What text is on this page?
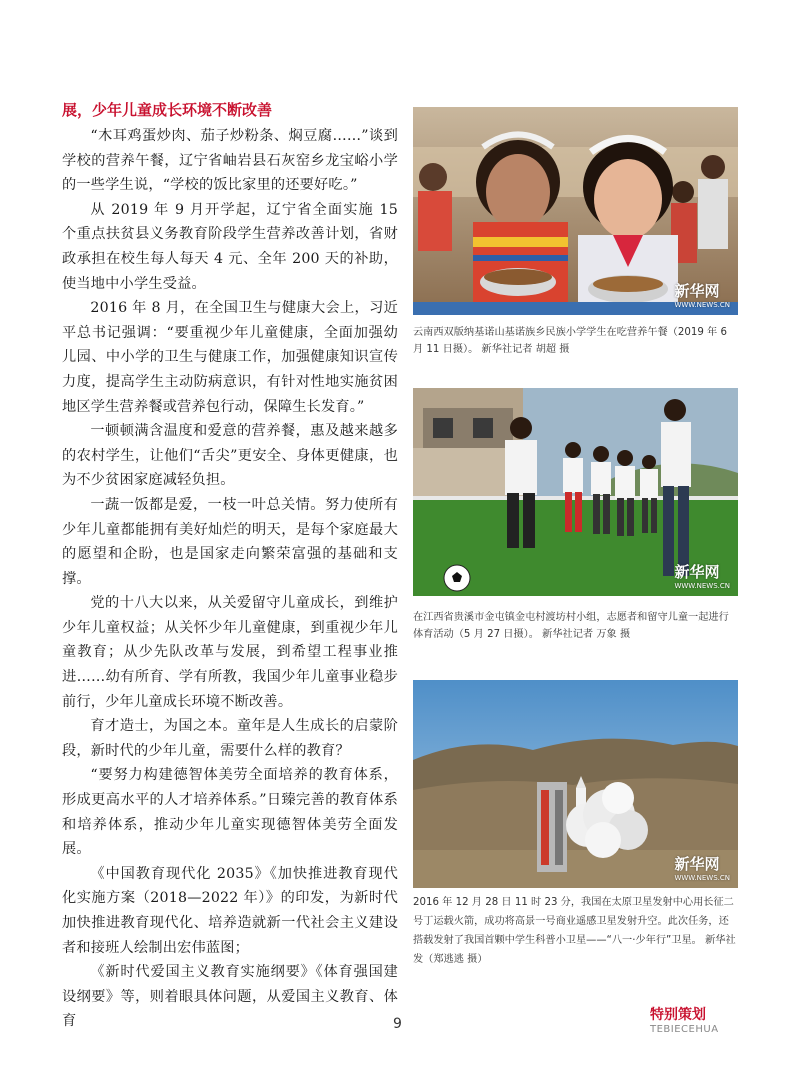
展，少年儿童成长环境不断改善

“木耳鸡蛋炒肉、茄子炒粉条、焖豆腐……”谈到学校的营养午餐，辽宁省岫岩县石灰窑乡龙宝峪小学的一些学生说，“学校的饭比家里的还要好吃。”

从 2019 年 9 月开学起，辽宁省全面实施 15 个重点扶贫县义务教育阶段学生营养改善计划，省财政承担在校生每人每天 4 元、全年 200 天的补助，使当地中小学生受益。

2016 年 8 月，在全国卫生与健康大会上，习近平总书记强调：“要重视少年儿童健康，全面加强幼儿园、中小学的卫生与健康工作，加强健康知识宣传力度，提高学生主动防病意识，有针对性地实施贫困地区学生营养餐或营养包行动，保障生长发育。”

一顿顿满含温度和爱意的营养餐，惠及越来越多的农村学生，让他们“舌尖”更安全、身体更健康，也为不少贫困家庭减轻负担。

一蔬一饭都是爱，一枝一叶总关情。努力使所有少年儿童都能拥有美好灿烂的明天，是每个家庭最大的愿望和企盼，也是国家走向繁荣富强的基础和支撑。

党的十八大以来，从关爱留守儿童成长，到维护少年儿童权益；从关怀少年儿童健康，到重视少年儿童教育；从少先队改革与发展，到希望工程事业推进……幼有所育、学有所教，我国少年儿童事业稳步前行，少年儿童成长环境不断改善。

育才造士，为国之本。童年是人生成长的启蒙阶段，新时代的少年儿童，需要什么样的教育？

“要努力构建德智体美劳全面培养的教育体系，形成更高水平的人才培养体系。”日臻完善的教育体系和培养体系，推动少年儿童实现德智体美劳全面发展。

《中国教育现代化 2035》《加快推进教育现代化实施方案（2018—2022 年）》的印发，为新时代加快推进教育现代化、培养造就新一代社会主义建设者和接班人绘制出宏伟蓝图；

《新时代爱国主义教育实施纲要》《体育强国建设纲要》等，则着眼具体问题，从爱国主义教育、体育

新华网
WWW.NEWS.CN
云南西双版纳基诺山基诺族乡民族小学学生在吃营养午餐（2019 年 6 月 11 日摄）。 新华社记者 胡超 摄
新华网
WWW.NEWS.CN
在江西省贵溪市金屯镇金屯村渡坊村小组，志愿者和留守儿童一起进行体育活动（5 月 27 日摄）。 新华社记者 万象 摄
新华网
WWW.NEWS.CN
2016 年 12 月 28 日 11 时 23 分，我国在太原卫星发射中心用长征二号丁运载火箭，成功将高景一号商业遥感卫星发射升空。此次任务，还搭载发射了我国首颗中学生科普小卫星——“八一·少年行”卫星。 新华社发（郑逃逃 摄）
9
特别策划
TEBIECEHUA
